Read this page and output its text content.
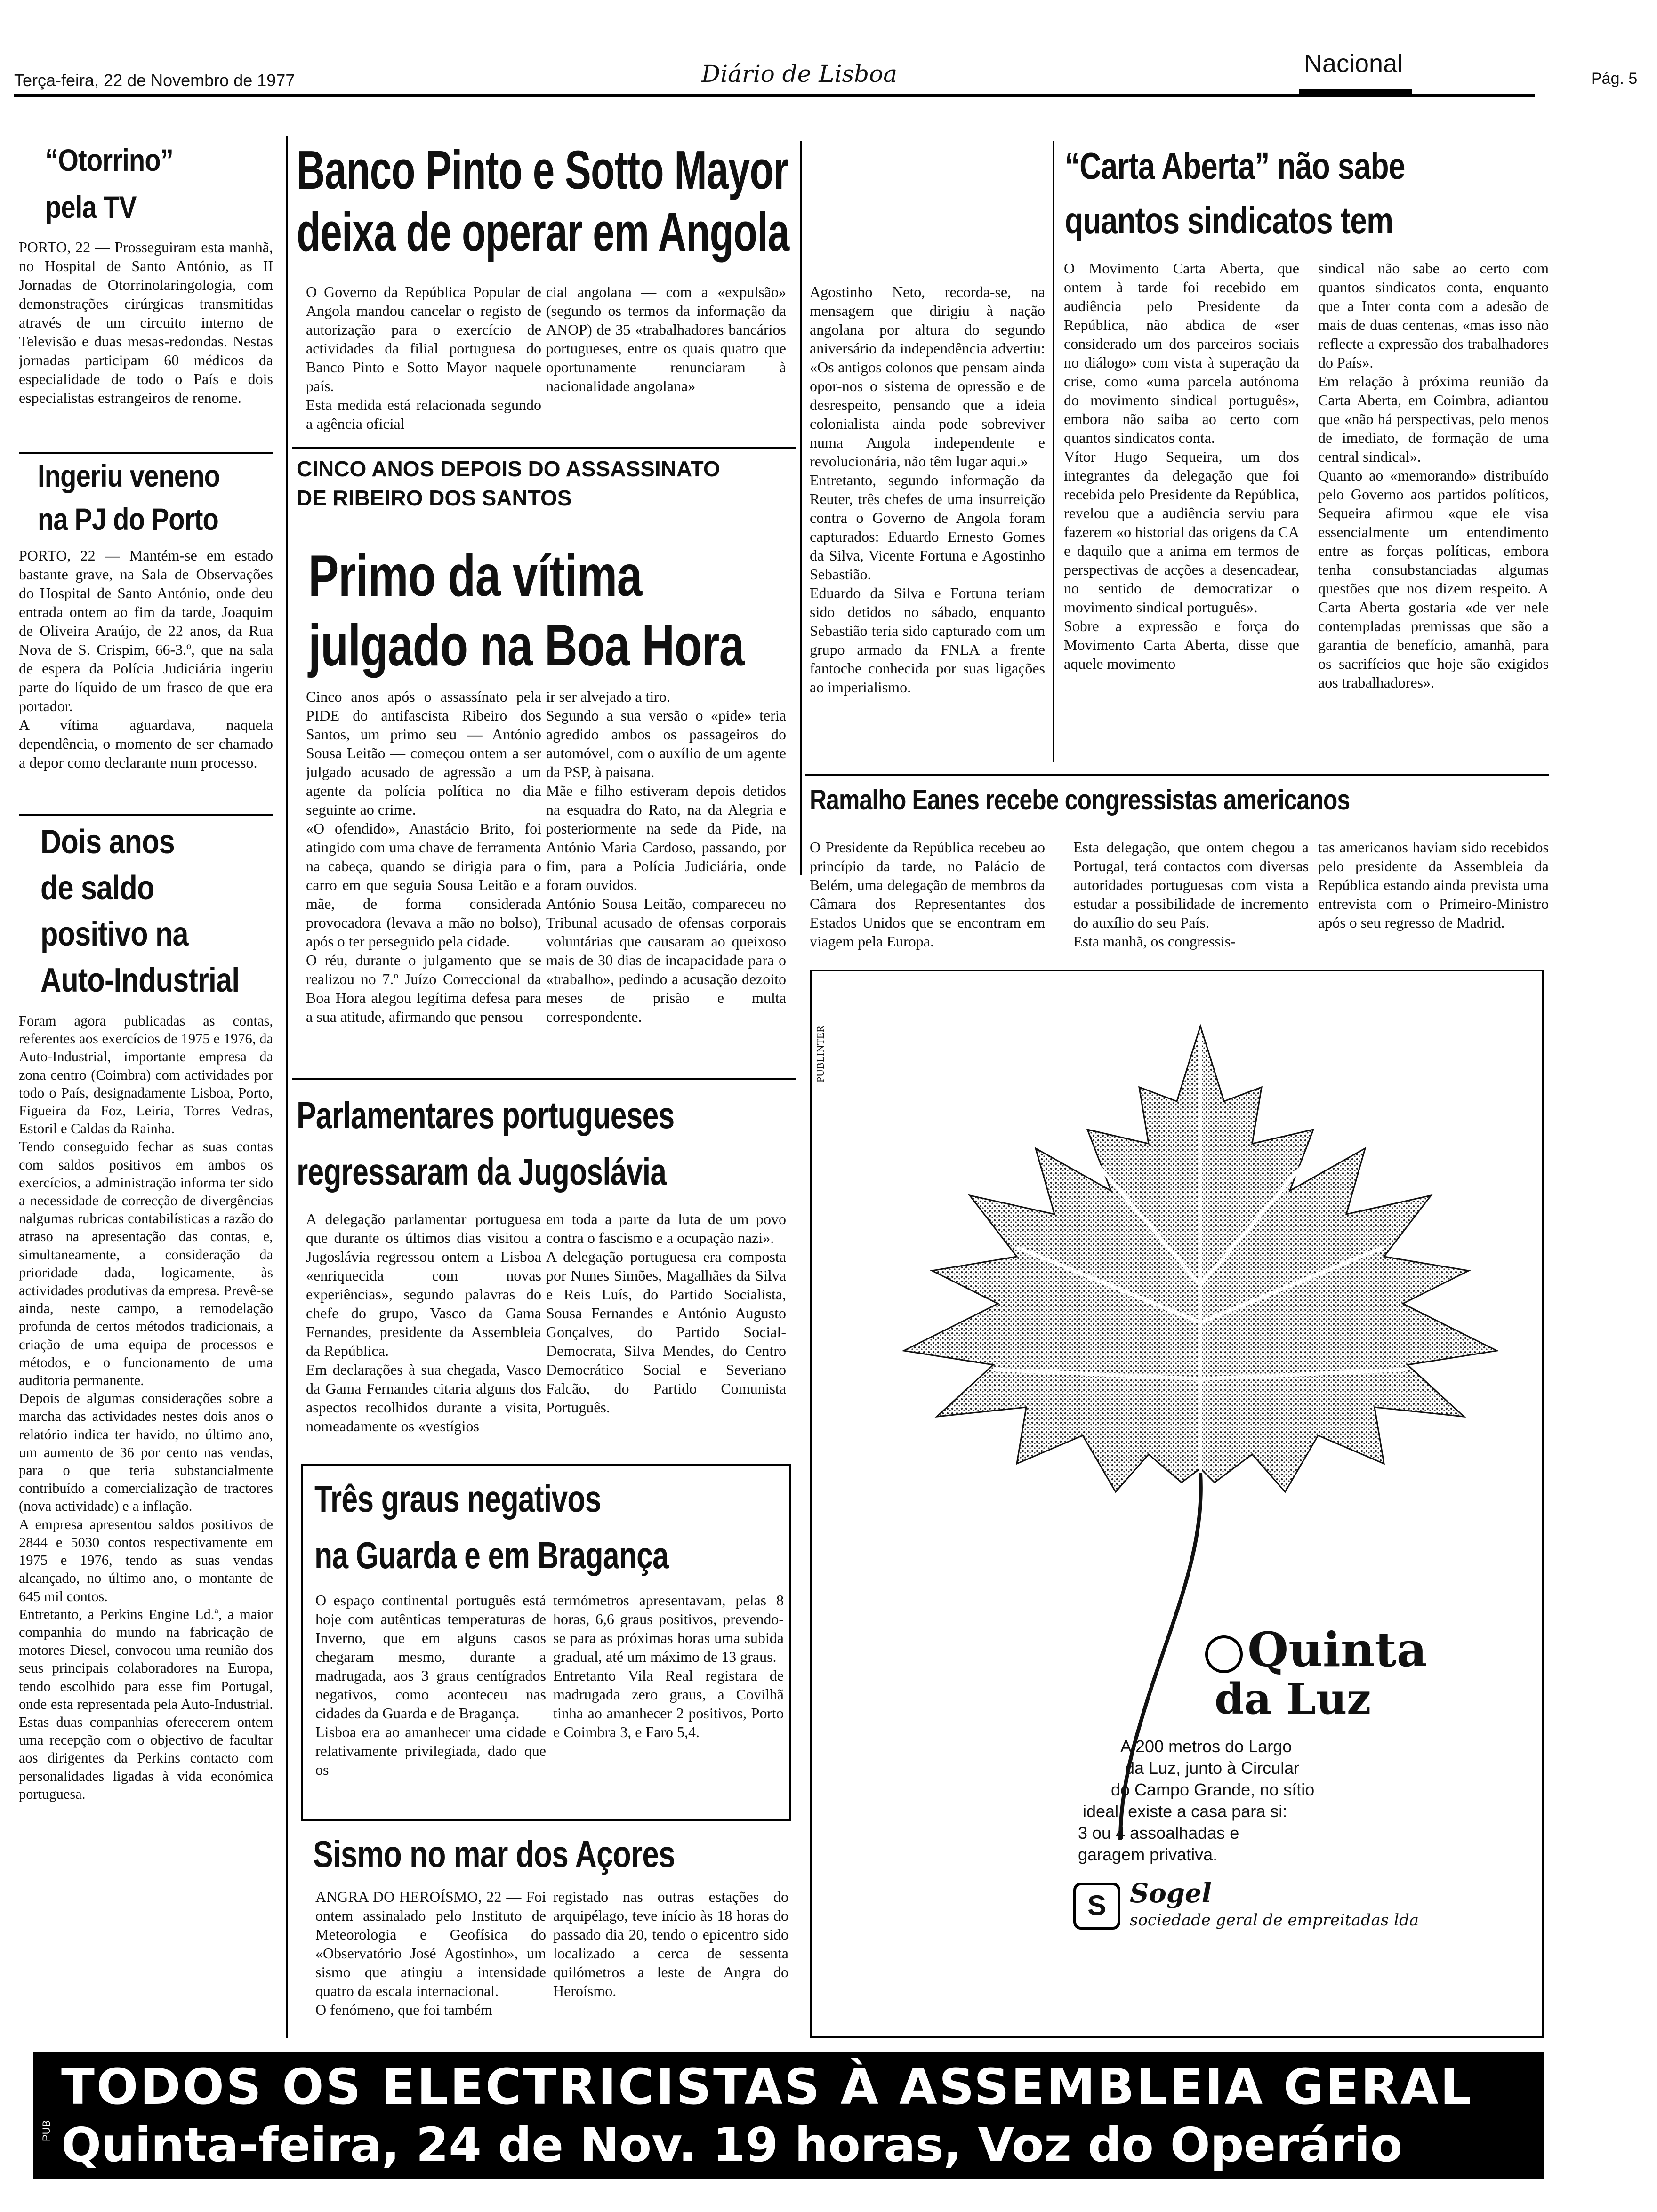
Terça-feira, 22 de Novembro de 1977	Diário de Lisboa	Nacional
Pág. 5
“Otorrino”
pela TV
PORTO, 22 — Prosseguiram esta manhã, no Hospital de Santo António, as II Jornadas de Otorrinolaringologia, com demonstrações cirúrgicas transmitidas através de um circuito interno de Televisão e duas mesas-redondas. Nestas jornadas participam 60 médicos da especialidade de todo o País e dois especialistas estrangeiros de renome.
Ingeriu veneno
na PJ do Porto
PORTO, 22 — Mantém-se em estado bastante grave, na Sala de Observações do Hospital de Santo António, onde deu entrada ontem ao fim da tarde, Joaquim de Oliveira Araújo, de 22 anos, da Rua Nova de S. Crispim, 66-3.º, que na sala de espera da Polícia Judiciária ingeriu parte do líquido de um frasco de que era portador.
A vítima aguardava, naquela dependência, o momento de ser chamado a depor como declarante num processo.
Dois anos
de saldo
positivo na
Auto-Industrial
Foram agora publicadas as contas, referentes aos exercícios de 1975 e 1976, da Auto-Industrial, importante empresa da zona centro (Coimbra) com actividades por todo o País, designadamente Lisboa, Porto, Figueira da Foz, Leiria, Torres Vedras, Estoril e Caldas da Rainha.
Tendo conseguido fechar as suas contas com saldos positivos em ambos os exercícios, a administração informa ter sido a necessidade de correcção de divergências nalgumas rubricas contabilísticas a razão do atraso na apresentação das contas, e, simultaneamente, a consideração da prioridade dada, logicamente, às actividades produtivas da empresa. Prevê-se ainda, neste campo, a remodelação profunda de certos métodos tradicionais, a criação de uma equipa de processos e métodos, e o funcionamento de uma auditoria permanente.
Depois de algumas considerações sobre a marcha das actividades nestes dois anos o relatório indica ter havido, no último ano, um aumento de 36 por cento nas vendas, para o que teria substancialmente contribuído a comercialização de tractores (nova actividade) e a inflação.
A empresa apresentou saldos positivos de 2844 e 5030 contos respectivamente em 1975 e 1976, tendo as suas vendas alcançado, no último ano, o montante de 645 mil contos.
Entretanto, a Perkins Engine Ld.ª, a maior companhia do mundo na fabricação de motores Diesel, convocou uma reunião dos seus principais colaboradores na Europa, tendo escolhido para esse fim Portugal, onde esta representada pela Auto-Industrial. Estas duas companhias oferecerem ontem uma recepção com o objectivo de facultar aos dirigentes da Perkins contacto com personalidades ligadas à vida económica portuguesa.
Banco Pinto e Sotto Mayor
deixa de operar em Angola
O Governo da República Popular de Angola mandou cancelar o registo de autorização para o exercício de actividades da filial portuguesa do Banco Pinto e Sotto Mayor naquele país.
Esta medida está relacionada segundo a agência oficial
cial angolana — com a «expulsão» (segundo os termos da informação da ANOP) de 35 «trabalhadores bancários portugueses, entre os quais quatro que oportunamente renunciaram à nacionalidade angolana»
Agostinho Neto, recorda-se, na mensagem que dirigiu à nação angolana por altura do segundo aniversário da independência advertiu: «Os antigos colonos que pensam ainda opor-nos o sistema de opressão e de desrespeito, pensando que a ideia colonialista ainda pode sobreviver numa Angola independente e revolucionária, não têm lugar aqui.»
Entretanto, segundo informação da Reuter, três chefes de uma insurreição contra o Governo de Angola foram capturados: Eduardo Ernesto Gomes da Silva, Vicente Fortuna e Agostinho Sebastião.
Eduardo da Silva e Fortuna teriam sido detidos no sábado, enquanto Sebastião teria sido capturado com um grupo armado da FNLA a frente fantoche conhecida por suas ligações ao imperialismo.
CINCO ANOS DEPOIS DO ASSASSINATO
DE RIBEIRO DOS SANTOS
Primo da vítima
julgado na Boa Hora
Cinco anos após o assassínato pela PIDE do antifascista Ribeiro dos Santos, um primo seu — António Sousa Leitão — começou ontem a ser julgado acusado de agressão a um agente da polícia política no dia seguinte ao crime.
«O ofendido», Anastácio Brito, foi atingido com uma chave de ferramenta na cabeça, quando se dirigia para o carro em que seguia Sousa Leitão e a mãe, de forma considerada provocadora (levava a mão no bolso), após o ter perseguido pela cidade.
O réu, durante o julgamento que se realizou no 7.º Juízo Correccional da Boa Hora alegou legítima defesa para a sua atitude, afirmando que pensou
ir ser alvejado a tiro.
Segundo a sua versão o «pide» teria agredido ambos os passageiros do automóvel, com o auxílio de um agente da PSP, à paisana.
Mãe e filho estiveram depois detidos na esquadra do Rato, na da Alegria e posteriormente na sede da Pide, na António Maria Cardoso, passando, por fim, para a Polícia Judiciária, onde foram ouvidos.
António Sousa Leitão, compareceu no Tribunal acusado de ofensas corporais voluntárias que causaram ao queixoso mais de 30 dias de incapacidade para o «trabalho», pedindo a acusação dezoito meses de prisão e multa correspondente.
“Carta Aberta” não sabe
quantos sindicatos tem
O Movimento Carta Aberta, que ontem à tarde foi recebido em audiência pelo Presidente da República, não abdica de «ser considerado um dos parceiros sociais no diálogo» com vista à superação da crise, como «uma parcela autónoma do movimento sindical português», embora não saiba ao certo com quantos sindicatos conta.
Vítor Hugo Sequeira, um dos integrantes da delegação que foi recebida pelo Presidente da República, revelou que a audiência serviu para fazerem «o historial das origens da CA e daquilo que a anima em termos de perspectivas de acções a desencadear, no sentido de democratizar o movimento sindical português».
Sobre a expressão e força do Movimento Carta Aberta, disse que aquele movimento
sindical não sabe ao certo com quantos sindicatos conta, enquanto que a Inter conta com a adesão de mais de duas centenas, «mas isso não reflecte a expressão dos trabalhadores do País».
Em relação à próxima reunião da Carta Aberta, em Coimbra, adiantou que «não há perspectivas, pelo menos de imediato, de formação de uma central sindical».
Quanto ao «memorando» distribuído pelo Governo aos partidos políticos, Sequeira afirmou «que ele visa essencialmente um entendimento entre as forças políticas, embora tenha consubstanciadas algumas questões que nos dizem respeito. A Carta Aberta gostaria «de ver nele contempladas premissas que são a garantia de benefício, amanhã, para os sacrifícios que hoje são exigidos aos trabalhadores».
Ramalho Eanes recebe congressistas americanos
O Presidente da República recebeu ao princípio da tarde, no Palácio de Belém, uma delegação de membros da Câmara dos Representantes dos Estados Unidos que se encontram em viagem pela Europa.
Esta delegação, que ontem chegou a Portugal, terá contactos com diversas autoridades portuguesas com vista a estudar a possibilidade de incremento do auxílio do seu País.
Esta manhã, os congressis-
tas americanos haviam sido recebidos pelo presidente da Assembleia da República estando ainda prevista uma entrevista com o Primeiro-Ministro após o seu regresso de Madrid.
Parlamentares portugueses
regressaram da Jugoslávia
A delegação parlamentar portuguesa que durante os últimos dias visitou a Jugoslávia regressou ontem a Lisboa «enriquecida com novas experiências», segundo palavras do chefe do grupo, Vasco da Gama Fernandes, presidente da Assembleia da República.
Em declarações à sua chegada, Vasco da Gama Fernandes citaria alguns dos aspectos recolhidos durante a visita, nomeadamente os «vestígios
em toda a parte da luta de um povo contra o fascismo e a ocupação nazi».
A delegação portuguesa era composta por Nunes Simões, Magalhães da Silva e Reis Luís, do Partido Socialista, Sousa Fernandes e António Augusto Gonçalves, do Partido Social-Democrata, Silva Mendes, do Centro Democrático Social e Severiano Falcão, do Partido Comunista Português.
Três graus negativos
na Guarda e em Bragança
O espaço continental português está hoje com autênticas temperaturas de Inverno, que em alguns casos chegaram mesmo, durante a madrugada, aos 3 graus centígrados negativos, como aconteceu nas cidades da Guarda e de Bragança.
Lisboa era ao amanhecer uma cidade relativamente privilegiada, dado que os
termómetros apresentavam, pelas 8 horas, 6,6 graus positivos, prevendo-se para as próximas horas uma subida gradual, até um máximo de 13 graus.
Entretanto Vila Real registara de madrugada zero graus, a Covilhã tinha ao amanhecer 2 positivos, Porto e Coimbra 3, e Faro 5,4.
Sismo no mar dos Açores
ANGRA DO HEROÍSMO, 22 — Foi ontem assinalado pelo Instituto de Meteorologia e Geofísica do «Observatório José Agostinho», um sismo que atingiu a intensidade quatro da escala internacional.
O fenómeno, que foi também
registado nas outras estações do arquipélago, teve início às 18 horas do passado dia 20, tendo o epicentro sido localizado a cerca de sessenta quilómetros a leste de Angra do Heroísmo.
PUBLINTER
Quinta
da Luz
A 200 metros do Largo
da Luz, junto à Circular
do Campo Grande, no sítio
ideal, existe a casa para si:
3 ou 4 assoalhadas e
garagem privativa.
S Sogel
sociedade geral de empreitadas lda
PUB
TODOS OS ELECTRICISTAS À ASSEMBLEIA GERAL
Quinta-feira, 24 de Nov. 19 horas, Voz do Operário
